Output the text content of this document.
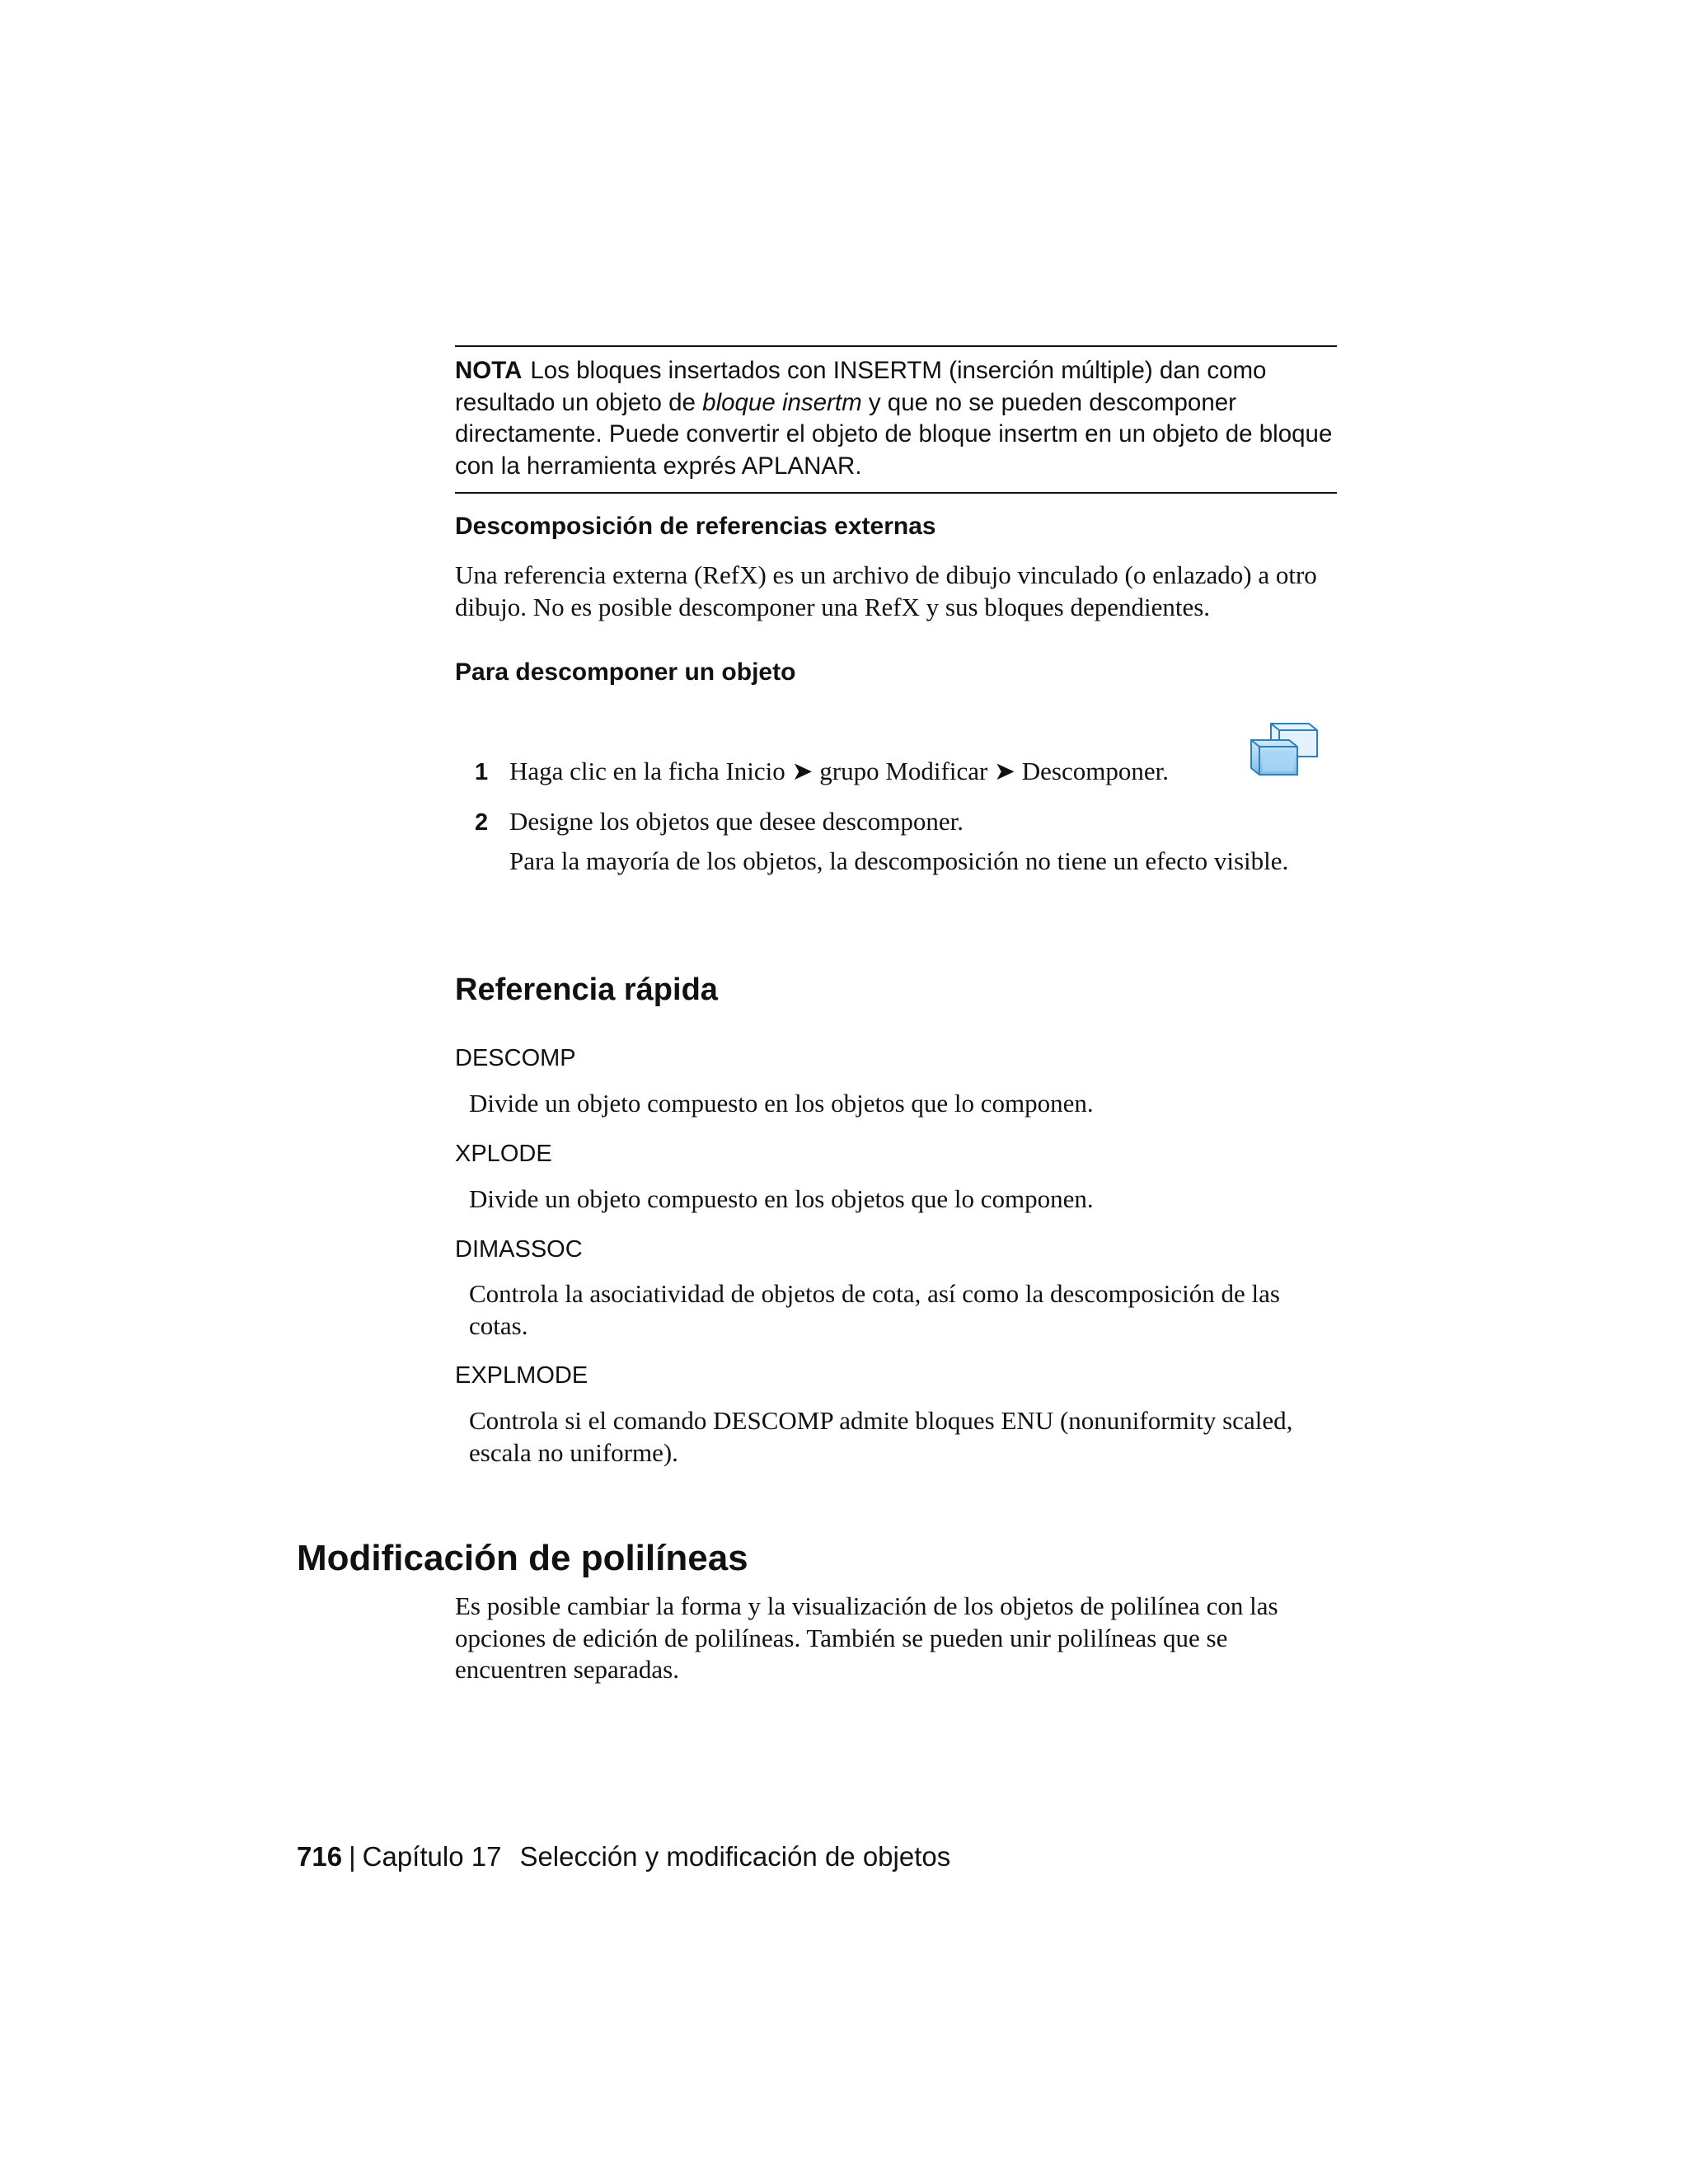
NOTA Los bloques insertados con INSERTM (inserción múltiple) dan como resultado un objeto de bloque insertm y que no se pueden descomponer directamente. Puede convertir el objeto de bloque insertm en un objeto de bloque con la herramienta exprés APLANAR.
Descomposición de referencias externas
Una referencia externa (RefX) es un archivo de dibujo vinculado (o enlazado) a otro dibujo. No es posible descomponer una RefX y sus bloques dependientes.
Para descomponer un objeto
1 Haga clic en la ficha Inicio ➤ grupo Modificar ➤ Descomponer.
2 Designe los objetos que desee descomponer.
Para la mayoría de los objetos, la descomposición no tiene un efecto visible.
Referencia rápida
DESCOMP
Divide un objeto compuesto en los objetos que lo componen.
XPLODE
Divide un objeto compuesto en los objetos que lo componen.
DIMASSOC
Controla la asociatividad de objetos de cota, así como la descomposición de las cotas.
EXPLMODE
Controla si el comando DESCOMP admite bloques ENU (nonuniformity scaled, escala no uniforme).
Modificación de polilíneas
Es posible cambiar la forma y la visualización de los objetos de polilínea con las opciones de edición de polilíneas. También se pueden unir polilíneas que se encuentren separadas.
716 | Capítulo 17 Selección y modificación de objetos
